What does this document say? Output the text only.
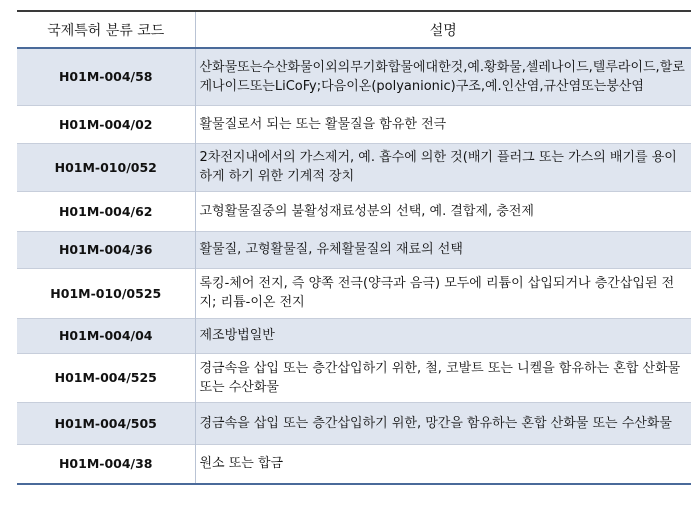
국제특허 분류 코드	설명
H01M-004/58	산화물또는수산화물이외의무기화합물에대한것,예.황화물,셀레나이드,텔루라이드,할로게나이드또는LiCoFy;다음이온(polyanionic)구조,예.인산염,규산염또는붕산염
H01M-004/02	활물질로서 되는 또는 활물질을 함유한 전극
H01M-010/052	2차전지내에서의 가스제거, 예. 흡수에 의한 것(배기 플러그 또는 가스의 배기를 용이하게 하기 위한 기계적 장치
H01M-004/62	고형활물질중의 불활성재료성분의 선택, 예. 결합제, 충전제
H01M-004/36	활물질, 고형활물질, 유체활물질의 재료의 선택
H01M-010/0525	록킹-체어 전지, 즉 양쪽 전극(양극과 음극) 모두에 리튬이 삽입되거나 층간삽입된 전지; 리튬-이온 전지
H01M-004/04	제조방법일반
H01M-004/525	경금속을 삽입 또는 층간삽입하기 위한, 철, 코발트 또는 니켈을 함유하는 혼합 산화물 또는 수산화물
H01M-004/505	경금속을 삽입 또는 층간삽입하기 위한, 망간을 함유하는 혼합 산화물 또는 수산화물
H01M-004/38	원소 또는 합금
